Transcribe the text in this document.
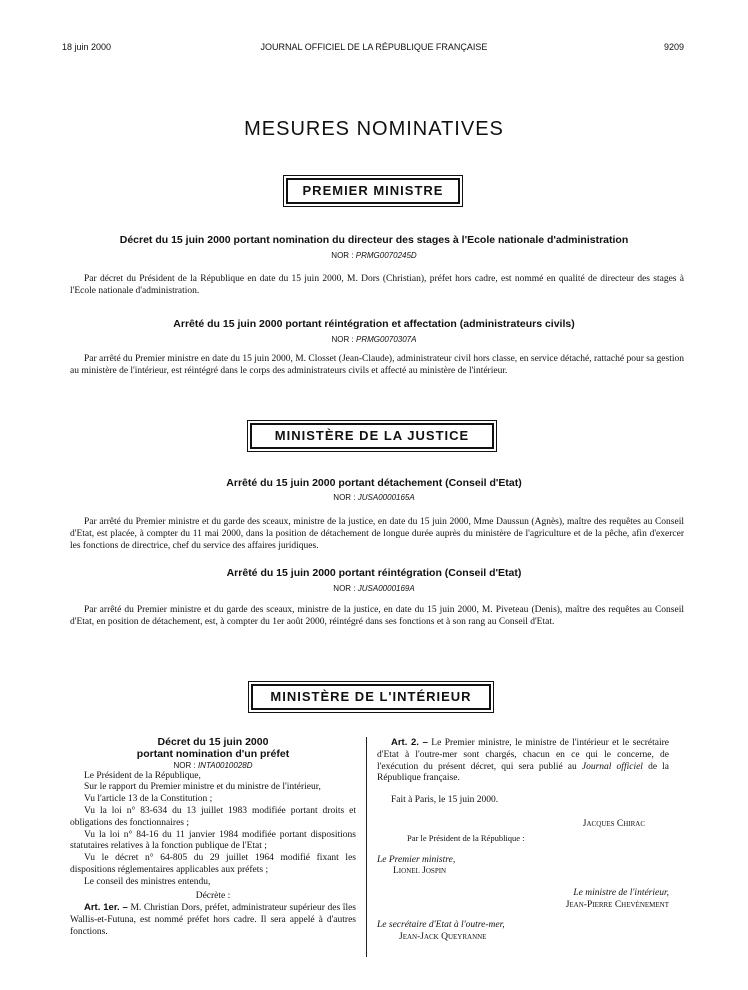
18 juin 2000	JOURNAL OFFICIEL DE LA RÉPUBLIQUE FRANÇAISE	9209
MESURES NOMINATIVES
PREMIER MINISTRE
Décret du 15 juin 2000 portant nomination du directeur des stages à l'Ecole nationale d'administration
NOR : PRMG0070245D
Par décret du Président de la République en date du 15 juin 2000, M. Dors (Christian), préfet hors cadre, est nommé en qualité de directeur des stages à l'Ecole nationale d'administration.
Arrêté du 15 juin 2000 portant réintégration et affectation (administrateurs civils)
NOR : PRMG0070307A
Par arrêté du Premier ministre en date du 15 juin 2000, M. Closset (Jean-Claude), administrateur civil hors classe, en service détaché, rattaché pour sa gestion au ministère de l'intérieur, est réintégré dans le corps des administrateurs civils et affecté au ministère de l'intérieur.
MINISTÈRE DE LA JUSTICE
Arrêté du 15 juin 2000 portant détachement (Conseil d'Etat)
NOR : JUSA0000165A
Par arrêté du Premier ministre et du garde des sceaux, ministre de la justice, en date du 15 juin 2000, Mme Daussun (Agnès), maître des requêtes au Conseil d'Etat, est placée, à compter du 11 mai 2000, dans la position de détachement de longue durée auprès du ministère de l'agriculture et de la pêche, afin d'exercer les fonctions de directrice, chef du service des affaires juridiques.
Arrêté du 15 juin 2000 portant réintégration (Conseil d'Etat)
NOR : JUSA0000169A
Par arrêté du Premier ministre et du garde des sceaux, ministre de la justice, en date du 15 juin 2000, M. Piveteau (Denis), maître des requêtes au Conseil d'Etat, en position de détachement, est, à compter du 1er août 2000, réintégré dans ses fonctions et à son rang au Conseil d'Etat.
MINISTÈRE DE L'INTÉRIEUR

Décret du 15 juin 2000

portant nomination d'un préfet

NOR : INTA0010028D

Le Président de la République,

Sur le rapport du Premier ministre et du ministre de l'intérieur,

Vu l'article 13 de la Constitution ;

Vu la loi n° 83-634 du 13 juillet 1983 modifiée portant droits et obligations des fonctionnaires ;

Vu la loi n° 84-16 du 11 janvier 1984 modifiée portant dispositions statutaires relatives à la fonction publique de l'Etat ;

Vu le décret n° 64-805 du 29 juillet 1964 modifié fixant les dispositions réglementaires applicables aux préfets ;

Le conseil des ministres entendu,

Décrète :

Art. 1er. – M. Christian Dors, préfet, administrateur supérieur des îles Wallis-et-Futuna, est nommé préfet hors cadre. Il sera appelé à d'autres fonctions.

Art. 2. – Le Premier ministre, le ministre de l'intérieur et le secrétaire d'Etat à l'outre-mer sont chargés, chacun en ce qui le concerne, de l'exécution du présent décret, qui sera publié au Journal officiel de la République française.

Fait à Paris, le 15 juin 2000.

Jacques Chirac

Par le Président de la République :

Le Premier ministre,

Lionel Jospin

Le ministre de l'intérieur,

Jean-Pierre Chevènement

Le secrétaire d'Etat à l'outre-mer,

Jean-Jack Queyranne
